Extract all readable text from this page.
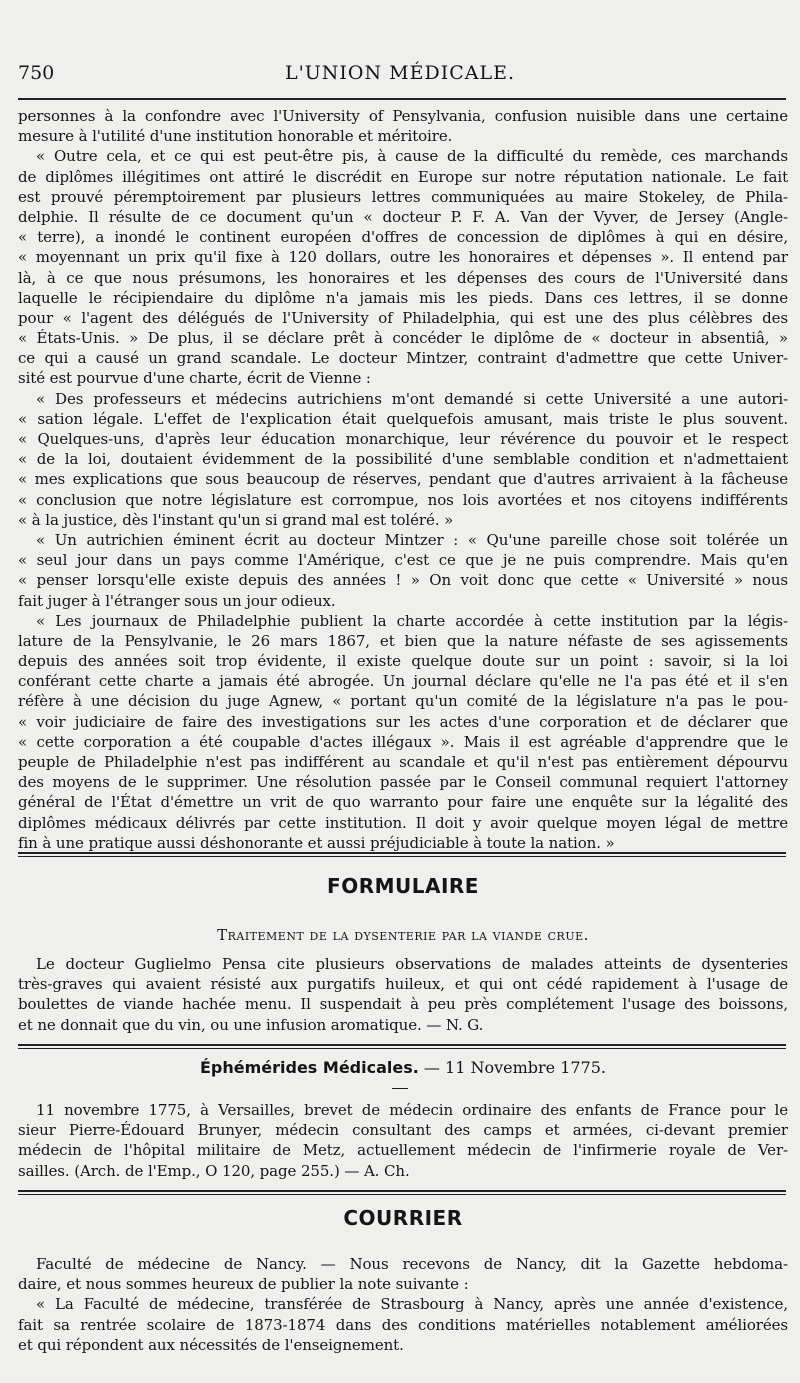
750	L'UNION MÉDICALE.
personnes à la confondre avec l'University of Pensylvania, confusion nuisible dans une certaine
mesure à l'utilité d'une institution honorable et méritoire.
« Outre cela, et ce qui est peut-être pis, à cause de la difficulté du remède, ces marchands
de diplômes illégitimes ont attiré le discrédit en Europe sur notre réputation nationale. Le fait
est prouvé péremptoirement par plusieurs lettres communiquées au maire Stokeley, de Phila-
delphie. Il résulte de ce document qu'un « docteur P. F. A. Van der Vyver, de Jersey (Angle-
« terre), a inondé le continent européen d'offres de concession de diplômes à qui en désire,
« moyennant un prix qu'il fixe à 120 dollars, outre les honoraires et dépenses ». Il entend par
là, à ce que nous présumons, les honoraires et les dépenses des cours de l'Université dans
laquelle le récipiendaire du diplôme n'a jamais mis les pieds. Dans ces lettres, il se donne
pour « l'agent des délégués de l'University of Philadelphia, qui est une des plus célèbres des
« États-Unis. » De plus, il se déclare prêt à concéder le diplôme de « docteur in absentiâ, »
ce qui a causé un grand scandale. Le docteur Mintzer, contraint d'admettre que cette Univer-
sité est pourvue d'une charte, écrit de Vienne :
« Des professeurs et médecins autrichiens m'ont demandé si cette Université a une autori-
« sation légale. L'effet de l'explication était quelquefois amusant, mais triste le plus souvent.
« Quelques-uns, d'après leur éducation monarchique, leur révérence du pouvoir et le respect
« de la loi, doutaient évidemment de la possibilité d'une semblable condition et n'admettaient
« mes explications que sous beaucoup de réserves, pendant que d'autres arrivaient à la fâcheuse
« conclusion que notre législature est corrompue, nos lois avortées et nos citoyens indifférents
« à la justice, dès l'instant qu'un si grand mal est toléré. »
« Un autrichien éminent écrit au docteur Mintzer : « Qu'une pareille chose soit tolérée un
« seul jour dans un pays comme l'Amérique, c'est ce que je ne puis comprendre. Mais qu'en
« penser lorsqu'elle existe depuis des années ! » On voit donc que cette « Université » nous
fait juger à l'étranger sous un jour odieux.
« Les journaux de Philadelphie publient la charte accordée à cette institution par la légis-
lature de la Pensylvanie, le 26 mars 1867, et bien que la nature néfaste de ses agissements
depuis des années soit trop évidente, il existe quelque doute sur un point : savoir, si la loi
conférant cette charte a jamais été abrogée. Un journal déclare qu'elle ne l'a pas été et il s'en
réfère à une décision du juge Agnew, « portant qu'un comité de la législature n'a pas le pou-
« voir judiciaire de faire des investigations sur les actes d'une corporation et de déclarer que
« cette corporation a été coupable d'actes illégaux ». Mais il est agréable d'apprendre que le
peuple de Philadelphie n'est pas indifférent au scandale et qu'il n'est pas entièrement dépourvu
des moyens de le supprimer. Une résolution passée par le Conseil communal requiert l'attorney
général de l'État d'émettre un vrit de quo warranto pour faire une enquête sur la légalité des
diplômes médicaux délivrés par cette institution. Il doit y avoir quelque moyen légal de mettre
fin à une pratique aussi déshonorante et aussi préjudiciable à toute la nation. »
FORMULAIRE
Traitement de la dysenterie par la viande crue.
Le docteur Guglielmo Pensa cite plusieurs observations de malades atteints de dysenteries
très-graves qui avaient résisté aux purgatifs huileux, et qui ont cédé rapidement à l'usage de
boulettes de viande hachée menu. Il suspendait à peu près complétement l'usage des boissons,
et ne donnait que du vin, ou une infusion aromatique. — N. G.
Éphémérides Médicales. — 11 Novembre 1775.
11 novembre 1775, à Versailles, brevet de médecin ordinaire des enfants de France pour le
sieur Pierre-Édouard Brunyer, médecin consultant des camps et armées, ci-devant premier
médecin de l'hôpital militaire de Metz, actuellement médecin de l'infirmerie royale de Ver-
sailles. (Arch. de l'Emp., O 120, page 255.) — A. Ch.
COURRIER
Faculté de médecine de Nancy. — Nous recevons de Nancy, dit la Gazette hebdoma-
daire, et nous sommes heureux de publier la note suivante :
« La Faculté de médecine, transférée de Strasbourg à Nancy, après une année d'existence,
fait sa rentrée scolaire de 1873-1874 dans des conditions matérielles notablement améliorées
et qui répondent aux nécessités de l'enseignement.
